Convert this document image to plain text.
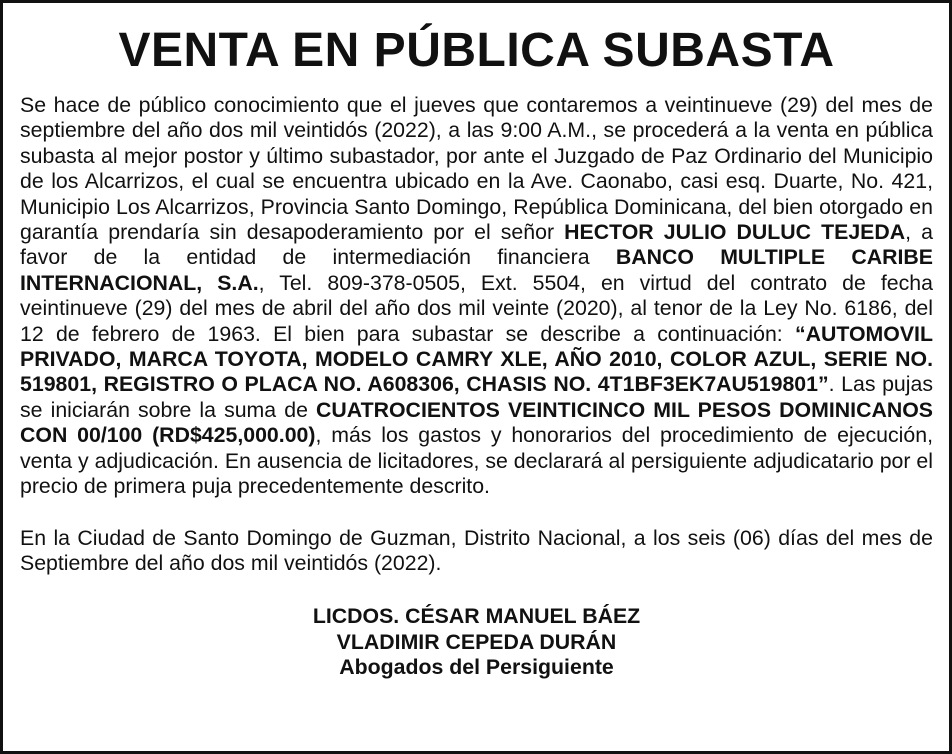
VENTA EN PÚBLICA SUBASTA

Se hace de público conocimiento que el jueves que contaremos a veintinueve (29) del mes de septiembre del año dos mil veintidós (2022), a las 9:00 A.M., se procederá a la venta en pública subasta al mejor postor y último subastador, por ante el Juzgado de Paz Ordinario del Municipio de los Alcarrizos, el cual se encuentra ubicado en la Ave. Caonabo, casi esq. Duarte, No. 421, Municipio Los Alcarrizos, Provincia Santo Domingo, República Dominicana, del bien otorgado en garantía prendaría sin desapoderamiento por el señor HECTOR JULIO DULUC TEJEDA, a favor de la entidad de intermediación financiera BANCO MULTIPLE CARIBE INTERNACIONAL, S.A., Tel. 809-378-0505, Ext. 5504, en virtud del contrato de fecha veintinueve (29) del mes de abril del año dos mil veinte (2020), al tenor de la Ley No. 6186, del 12 de febrero de 1963. El bien para subastar se describe a continuación: “AUTOMOVIL PRIVADO, MARCA TOYOTA, MODELO CAMRY XLE, AÑO 2010, COLOR AZUL, SERIE NO. 519801, REGISTRO O PLACA NO. A608306, CHASIS NO. 4T1BF3EK7AU519801”. Las pujas se iniciarán sobre la suma de CUATROCIENTOS VEINTICINCO MIL PESOS DOMINICANOS CON 00/100 (RD$425,000.00), más los gastos y honorarios del procedimiento de ejecución, venta y adjudicación. En ausencia de licitadores, se declarará al persiguiente adjudicatario por el precio de primera puja precedentemente descrito.

En la Ciudad de Santo Domingo de Guzman, Distrito Nacional, a los seis (06) días del mes de Septiembre del año dos mil veintidós (2022).

LICDOS. CÉSAR MANUEL BÁEZ
VLADIMIR CEPEDA DURÁN
Abogados del Persiguiente
